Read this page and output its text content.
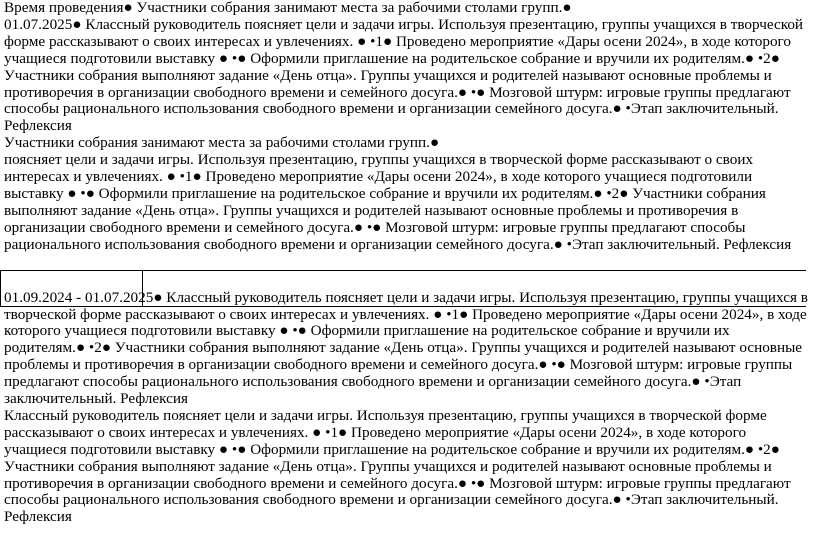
Время проведения● Участники собрания занимают места за рабочими столами групп.●

01.07.2025● Классный руководитель поясняет цели и задачи игры. Используя презентацию, группы учащихся в творческой форме рассказывают о своих интересах и увлечениях. ● •1● Проведено мероприятие «Дары осени 2024», в ходе которого учащиеся подготовили выставку ● •● Оформили приглашение на родительское собрание и вручили их родителям.● •2● Участники собрания выполняют задание «День отца». Группы учащихся и родителей называют основные проблемы и противоречия в организации свободного времени и семейного досуга.● •● Мозговой штурм: игровые группы предлагают способы рационального использования свободного времени и организации семейного досуга.● •Этап заключительный. Рефлексия

Участники собрания занимают места за рабочими столами групп.●

поясняет цели и задачи игры. Используя презентацию, группы учащихся в творческой форме рассказывают о своих интересах и увлечениях. ● •1● Проведено мероприятие «Дары осени 2024», в ходе которого учащиеся подготовили выставку ● •● Оформили приглашение на родительское собрание и вручили их родителям.● •2● Участники собрания выполняют задание «День отца». Группы учащихся и родителей называют основные проблемы и противоречия в организации свободного времени и семейного досуга.● •● Мозговой штурм: игровые группы предлагают способы рационального использования свободного времени и организации семейного досуга.● •Этап заключительный. Рефлексия

01.09.2024 - 01.07.2025● Классный руководитель поясняет цели и задачи игры. Используя презентацию, группы учащихся в творческой форме рассказывают о своих интересах и увлечениях. ● •1● Проведено мероприятие «Дары осени 2024», в ходе которого учащиеся подготовили выставку ● •● Оформили приглашение на родительское собрание и вручили их родителям.● •2● Участники собрания выполняют задание «День отца». Группы учащихся и родителей называют основные проблемы и противоречия в организации свободного времени и семейного досуга.● •● Мозговой штурм: игровые группы предлагают способы рационального использования свободного времени и организации семейного досуга.● •Этап заключительный. Рефлексия

Классный руководитель поясняет цели и задачи игры. Используя презентацию, группы учащихся в творческой форме рассказывают о своих интересах и увлечениях. ● •1● Проведено мероприятие «Дары осени 2024», в ходе которого учащиеся подготовили выставку ● •● Оформили приглашение на родительское собрание и вручили их родителям.● •2● Участники собрания выполняют задание «День отца». Группы учащихся и родителей называют основные проблемы и противоречия в организации свободного времени и семейного досуга.● •● Мозговой штурм: игровые группы предлагают способы рационального использования свободного времени и организации семейного досуга.● •Этап заключительный. Рефлексия
